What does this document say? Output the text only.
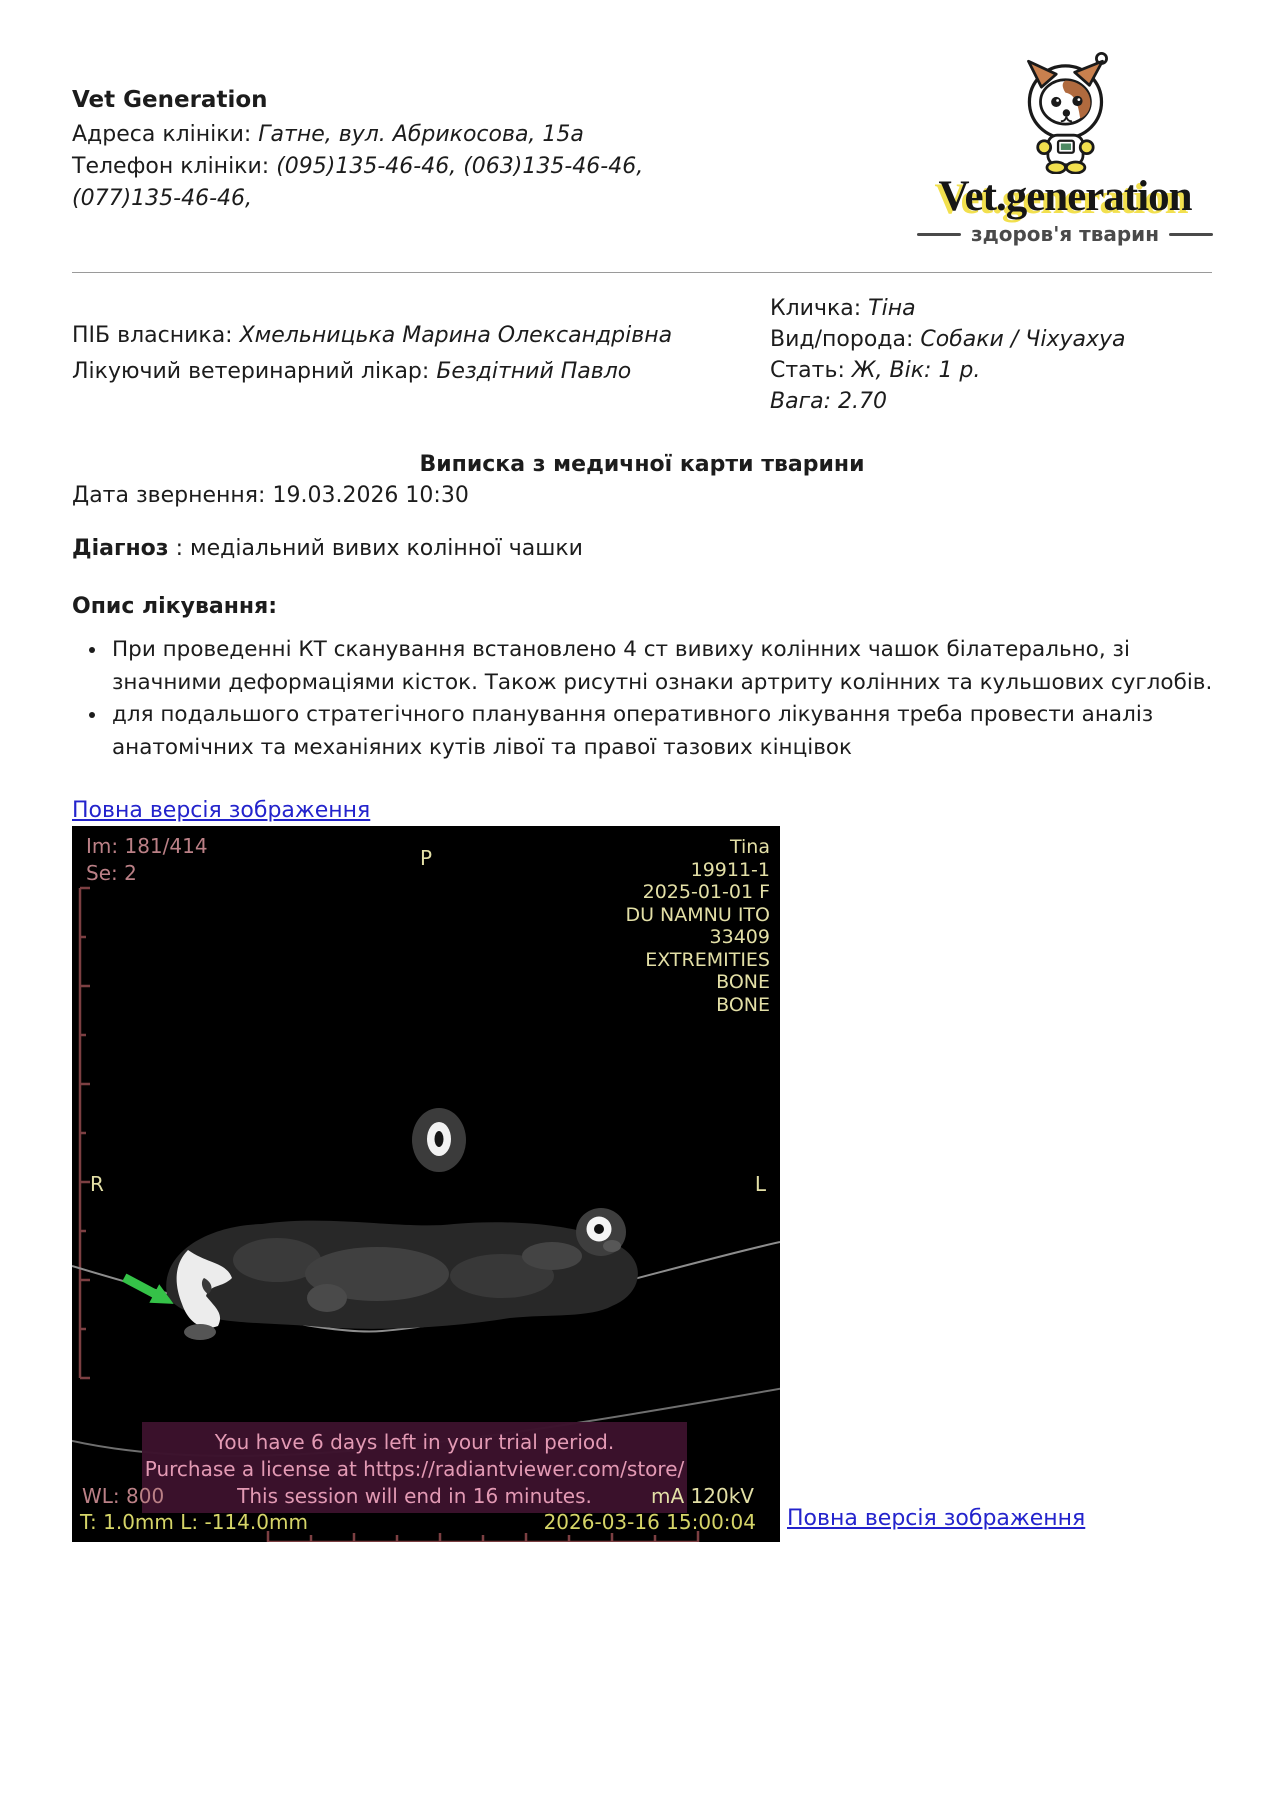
Vet Generation
Адреса клініки: Гатне, вул. Абрикосова, 15а
Телефон клініки: (095)135-46-46, (063)135-46-46,
(077)135-46-46,	Vet.generation
здоров'я тварин
ПІБ власника: Хмельницька Марина Олександрівна
Лікуючий ветеринарний лікар: Бездітний Павло
Кличка: Тіна
Вид/порода: Собаки / Чіхуахуа
Стать: Ж, Вік: 1 р.
Вага: 2.70
Виписка з медичної карти тварини
Дата звернення: 19.03.2026 10:30
Діагноз : медіальний вивих колінної чашки
Опис лікування:
• При проведенні КТ сканування встановлено 4 ст вивиху колінних чашок білатерально, зі значними деформаціями кісток. Також рисутні ознаки артриту колінних та кульшових суглобів.
• для подальшого стратегічного планування оперативного лікування треба провести аналіз анатомічних та механіяних кутів лівої та правої тазових кінцівок
Повна версія зображення
Im: 181/414
Se: 2
P	Tina
19911-1
2025-01-01 F
DU NAMNU ITO
33409
EXTREMITIES
BONE
BONE
R	L
You have 6 days left in your trial period.
Purchase a license at https://radiantviewer.com/store/
This session will end in 16 minutes.
WL: 800	mA 120kV
T: 1.0mm L: -114.0mm	2026-03-16 15:00:04 Повна версія зображення
